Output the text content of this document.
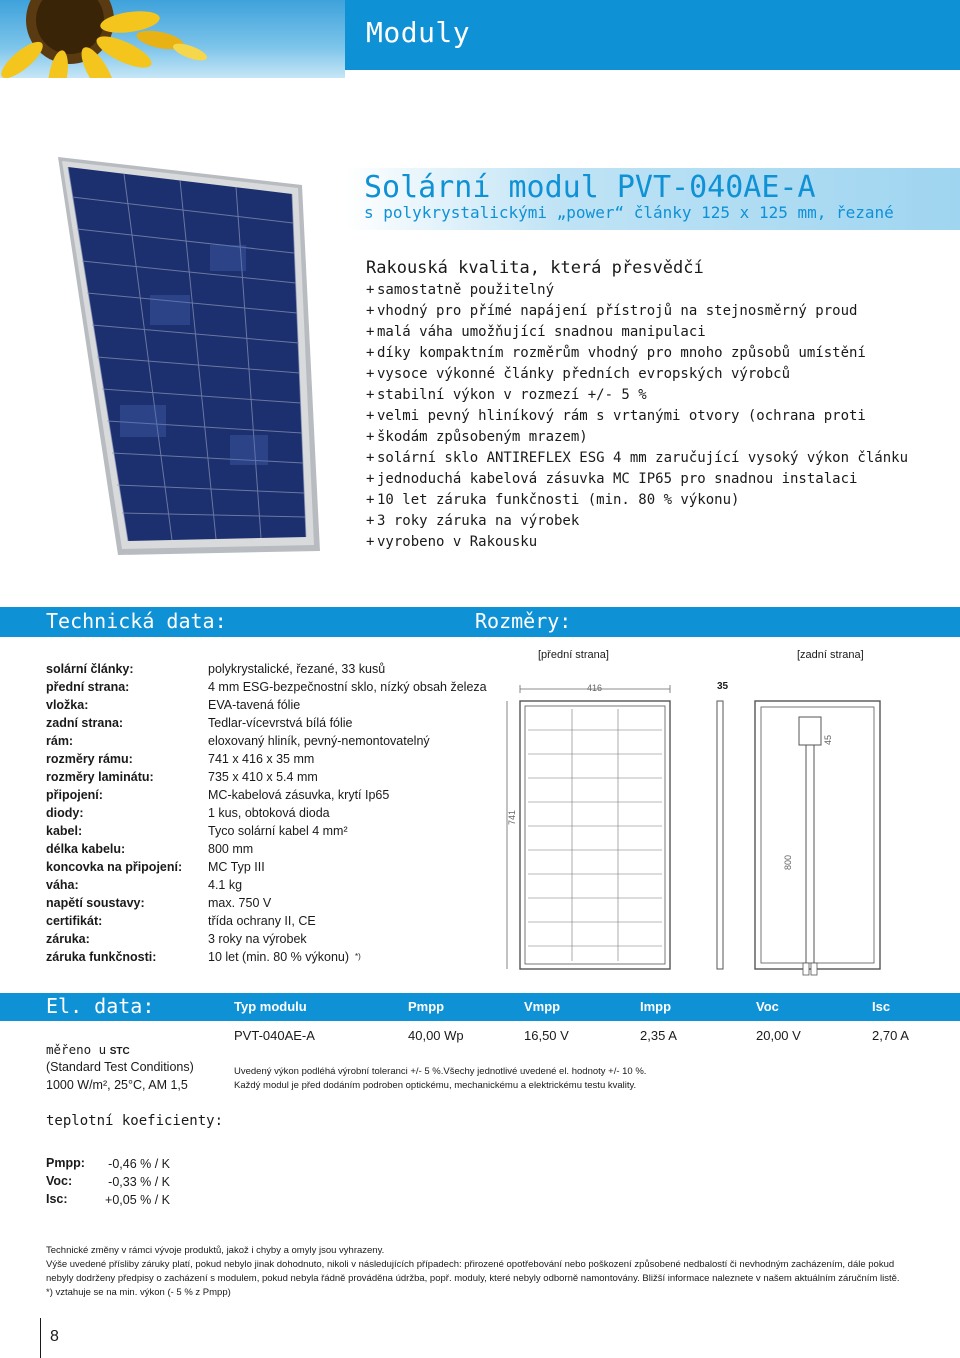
Moduly
Solární modul PVT-040AE-A
s polykrystalickými „power“ články 125 x 125 mm, řezané
Rakouská kvalita, která přesvědčí
+ samostatně použitelný
+ vhodný pro přímé napájení přístrojů na stejnosměrný proud
+ malá váha umožňující snadnou manipulaci
+ díky kompaktním rozměrům vhodný pro mnoho způsobů umístění
+ vysoce výkonné články předních evropských výrobců
+ stabilní výkon v rozmezí +/- 5 %
+ velmi pevný hliníkový rám s vrtanými otvory (ochrana proti
+ škodám způsobeným mrazem)
+ solární sklo ANTIREFLEX ESG 4 mm zaručující vysoký výkon článku
+ jednoduchá kabelová zásuvka MC IP65 pro snadnou instalaci
+ 10 let záruka funkčnosti (min. 80 % výkonu)
+ 3 roky záruka na výrobek
+ vyrobeno v Rakousku
Technická data:	Rozměry:
solární články:	polykrystalické, řezané, 33 kusů
přední strana:	4 mm ESG-bezpečnostní sklo, nízký obsah železa
vložka:	EVA-tavená fólie
zadní strana:	Tedlar-vícevrstvá bílá fólie
rám:	eloxovaný hliník, pevný-nemontovatelný
rozměry rámu:	741 x 416 x 35 mm
rozměry laminátu:	735 x 410 x 5.4 mm
připojení:	MC-kabelová zásuvka, krytí Ip65
diody:	1 kus, obtoková dioda
kabel:	Tyco solární kabel 4 mm²
délka kabelu:	800 mm
koncovka na připojení: MC Typ III
váha:	4.1 kg
napětí soustavy:	max. 750 V
certifikát:	třída ochrany II, CE
záruka:	3 roky na výrobek
záruka funkčnosti:	10 let (min. 80 % výkonu) *)
[přední strana]	[zadní strana]
416
741
35
45
800
El. data:	Typ modulu	Pmpp	Vmpp	Impp	Voc	Isc
PVT-040AE-A	40,00 Wp	16,50 V	2,35 A	20,00 V	2,70 A
měřeno u STC
(Standard Test Conditions)
1000 W/m², 25°C, AM 1,5
Uvedený výkon podléhá výrobní toleranci +/- 5 %.Všechy jednotlivé uvedené el. hodnoty +/- 10 %.
Každý modul je před dodáním podroben optickému, mechanickému a elektrickému testu kvality.
teplotní koeficienty:
Pmpp:	-0,46 % / K
Voc:	-0,33 % / K
Isc:	+0,05 % / K
Technické změny v rámci vývoje produktů, jakož i chyby a omyly jsou vyhrazeny.
Výše uvedené přísliby záruky platí, pokud nebylo jinak dohodnuto, nikoli v následujících případech: přirozené opotřebování nebo poškození způsobené nedbalostí či nevhodným zacházením, dále pokud
nebyly dodrženy předpisy o zacházení s modulem, pokud nebyla řádně prováděna údržba, popř. moduly, které nebyly odborně namontovány. Bližší informace naleznete v našem aktuálním záručním listě.
*) vztahuje se na min. výkon (- 5 % z Pmpp)
8
